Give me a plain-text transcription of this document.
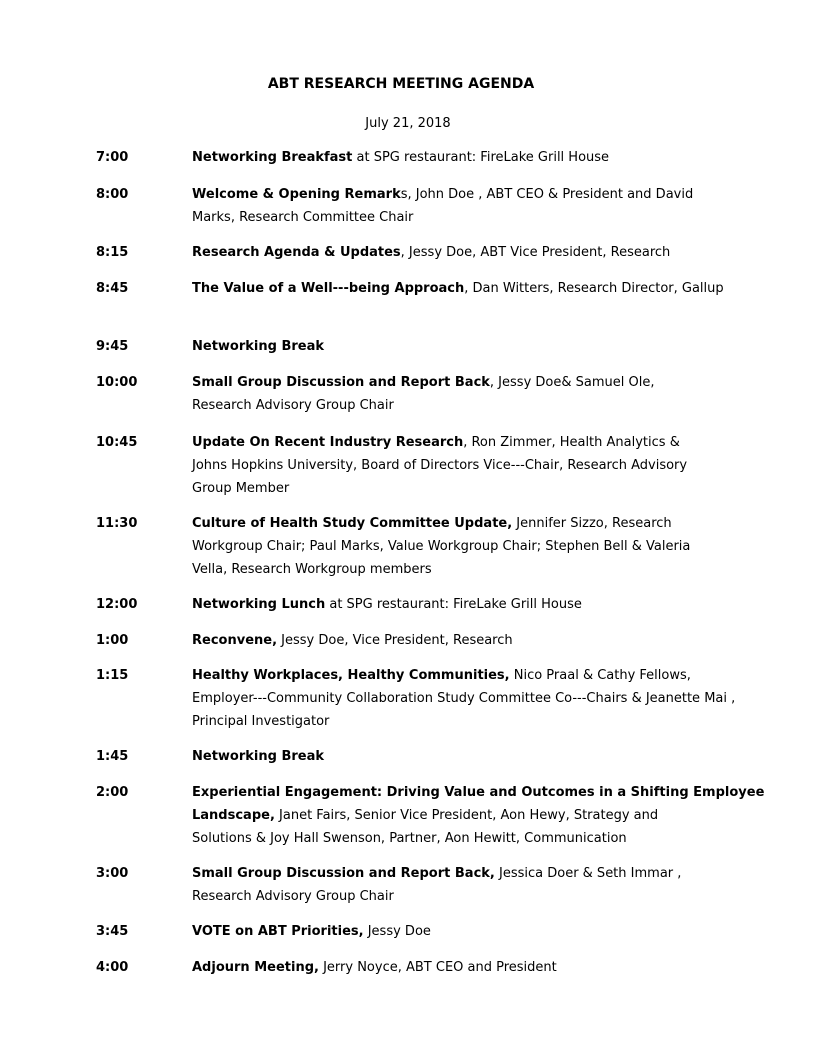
ABT RESEARCH MEETING AGENDA
July 21, 2018
7:00	Networking Breakfast at SPG restaurant: FireLake Grill House
8:00	Welcome & Opening Remarks, John Doe , ABT CEO & President and David
Marks, Research Committee Chair
8:15	Research Agenda & Updates, Jessy Doe, ABT Vice President, Research
8:45	The Value of a Well---being Approach, Dan Witters, Research Director, Gallup
9:45	Networking Break
10:00	Small Group Discussion and Report Back, Jessy Doe& Samuel Ole,
Research Advisory Group Chair
10:45	Update On Recent Industry Research, Ron Zimmer, Health Analytics &
Johns Hopkins University, Board of Directors Vice---Chair, Research Advisory
Group Member
11:30	Culture of Health Study Committee Update, Jennifer Sizzo, Research
Workgroup Chair; Paul Marks, Value Workgroup Chair; Stephen Bell & Valeria
Vella, Research Workgroup members
12:00	Networking Lunch at SPG restaurant: FireLake Grill House
1:00	Reconvene, Jessy Doe, Vice President, Research
1:15	Healthy Workplaces, Healthy Communities, Nico Praal & Cathy Fellows,
Employer---Community Collaboration Study Committee Co---Chairs & Jeanette Mai ,
Principal Investigator
1:45	Networking Break
2:00	Experiential Engagement: Driving Value and Outcomes in a Shifting Employee
Landscape, Janet Fairs, Senior Vice President, Aon Hewy, Strategy and
Solutions & Joy Hall Swenson, Partner, Aon Hewitt, Communication
3:00	Small Group Discussion and Report Back, Jessica Doer & Seth Immar ,
Research Advisory Group Chair
3:45	VOTE on ABT Priorities, Jessy Doe
4:00	Adjourn Meeting, Jerry Noyce, ABT CEO and President
